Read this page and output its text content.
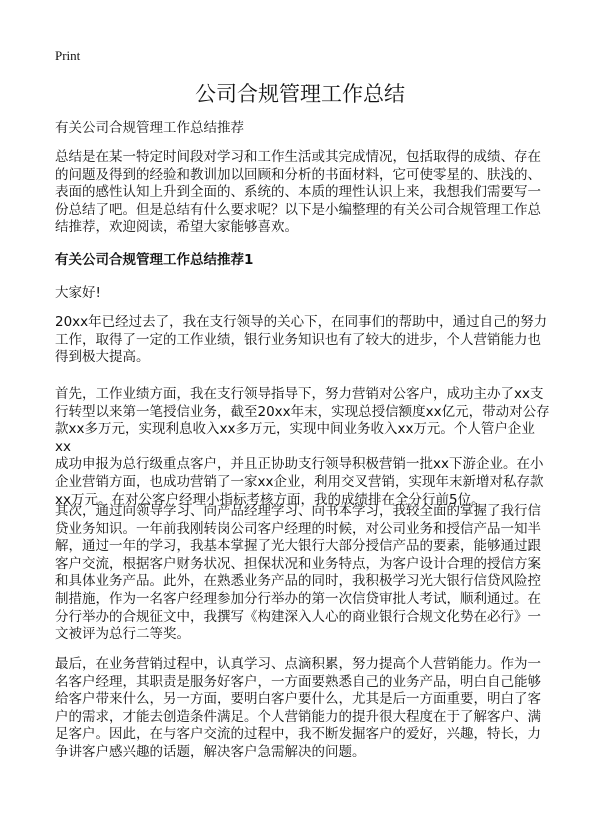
Print
公司合规管理工作总结
有关公司合规管理工作总结推荐
总结是在某一特定时间段对学习和工作生活或其完成情况，包括取得的成绩、存在
的问题及得到的经验和教训加以回顾和分析的书面材料，它可使零星的、肤浅的、
表面的感性认知上升到全面的、系统的、本质的理性认识上来，我想我们需要写一
份总结了吧。但是总结有什么要求呢？以下是小编整理的有关公司合规管理工作总
结推荐，欢迎阅读，希望大家能够喜欢。
有关公司合规管理工作总结推荐1
大家好!
20xx年已经过去了，我在支行领导的关心下，在同事们的帮助中，通过自己的努力
工作，取得了一定的工作业绩，银行业务知识也有了较大的进步，个人营销能力也
得到极大提高。
首先，工作业绩方面，我在支行领导指导下，努力营销对公客户，成功主办了xx支
行转型以来第一笔授信业务，截至20xx年末，实现总授信额度xx亿元，带动对公存
款xx多万元，实现利息收入xx多万元，实现中间业务收入xx万元。个人管户企业xx
成功申报为总行级重点客户，并且正协助支行领导积极营销一批xx下游企业。在小
企业营销方面，也成功营销了一家xx企业，利用交叉营销，实现年末新增对私存款
xx万元。在对公客户经理小指标考核方面，我的成绩排在全分行前5位。
其次，通过向领导学习、向产品经理学习、向书本学习，我较全面的掌握了我行信
贷业务知识。一年前我刚转岗公司客户经理的时候，对公司业务和授信产品一知半
解，通过一年的学习，我基本掌握了光大银行大部分授信产品的要素，能够通过跟
客户交流，根据客户财务状况、担保状况和业务特点，为客户设计合理的授信方案
和具体业务产品。此外，在熟悉业务产品的同时，我积极学习光大银行信贷风险控
制措施，作为一名客户经理参加分行举办的第一次信贷审批人考试，顺利通过。在
分行举办的合规征文中，我撰写《构建深入人心的商业银行合规文化势在必行》一
文被评为总行二等奖。
最后，在业务营销过程中，认真学习、点滴积累，努力提高个人营销能力。作为一
名客户经理，其职责是服务好客户，一方面要熟悉自己的业务产品，明白自己能够
给客户带来什么，另一方面，要明白客户要什么，尤其是后一方面重要，明白了客
户的需求，才能去创造条件满足。个人营销能力的提升很大程度在于了解客户、满
足客户。因此，在与客户交流的过程中，我不断发掘客户的爱好，兴趣，特长，力
争讲客户感兴趣的话题，解决客户急需解决的问题。
